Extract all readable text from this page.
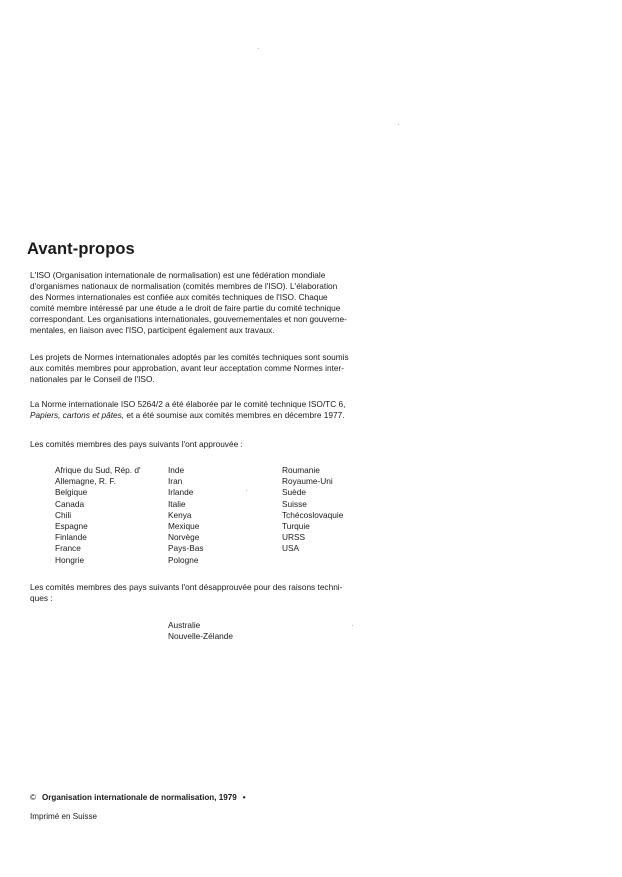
Avant-propos
L'ISO (Organisation internationale de normalisation) est une fédération mondiale
d'organismes nationaux de normalisation (comités membres de l'ISO). L'élaboration
des Normes internationales est confiée aux comités techniques de l'ISO. Chaque
comité membre intéressé par une étude a le droit de faire partie du comité technique
correspondant. Les organisations internationales, gouvernementales et non gouverne-
mentales, en liaison avec l'ISO, participent également aux travaux.
Les projets de Normes internationales adoptés par les comités techniques sont soumis
aux comités membres pour approbation, avant leur acceptation comme Normes inter-
nationales par le Conseil de l'ISO.
La Norme internationale ISO 5264/2 a été élaborée par le comité technique ISO/TC 6,
Papiers, cartons et pâtes, et a été soumise aux comités membres en décembre 1977.
Les comités membres des pays suivants l'ont approuvée :
Afrique du Sud, Rép. d'
Allemagne, R. F.
Belgique
Canada
Chili
Espagne
Finlande
France
Hongrie
Inde
Iran
Irlande
Italie
Kenya
Mexique
Norvège
Pays-Bas
Pologne
Roumanie
Royaume-Uni
Suède
Suisse
Tchécoslovaquie
Turquie
URSS
USA
Les comités membres des pays suivants l'ont désapprouvée pour des raisons techni-
ques :
Australie
Nouvelle-Zélande
© Organisation internationale de normalisation, 1979 •
Imprimé en Suisse
